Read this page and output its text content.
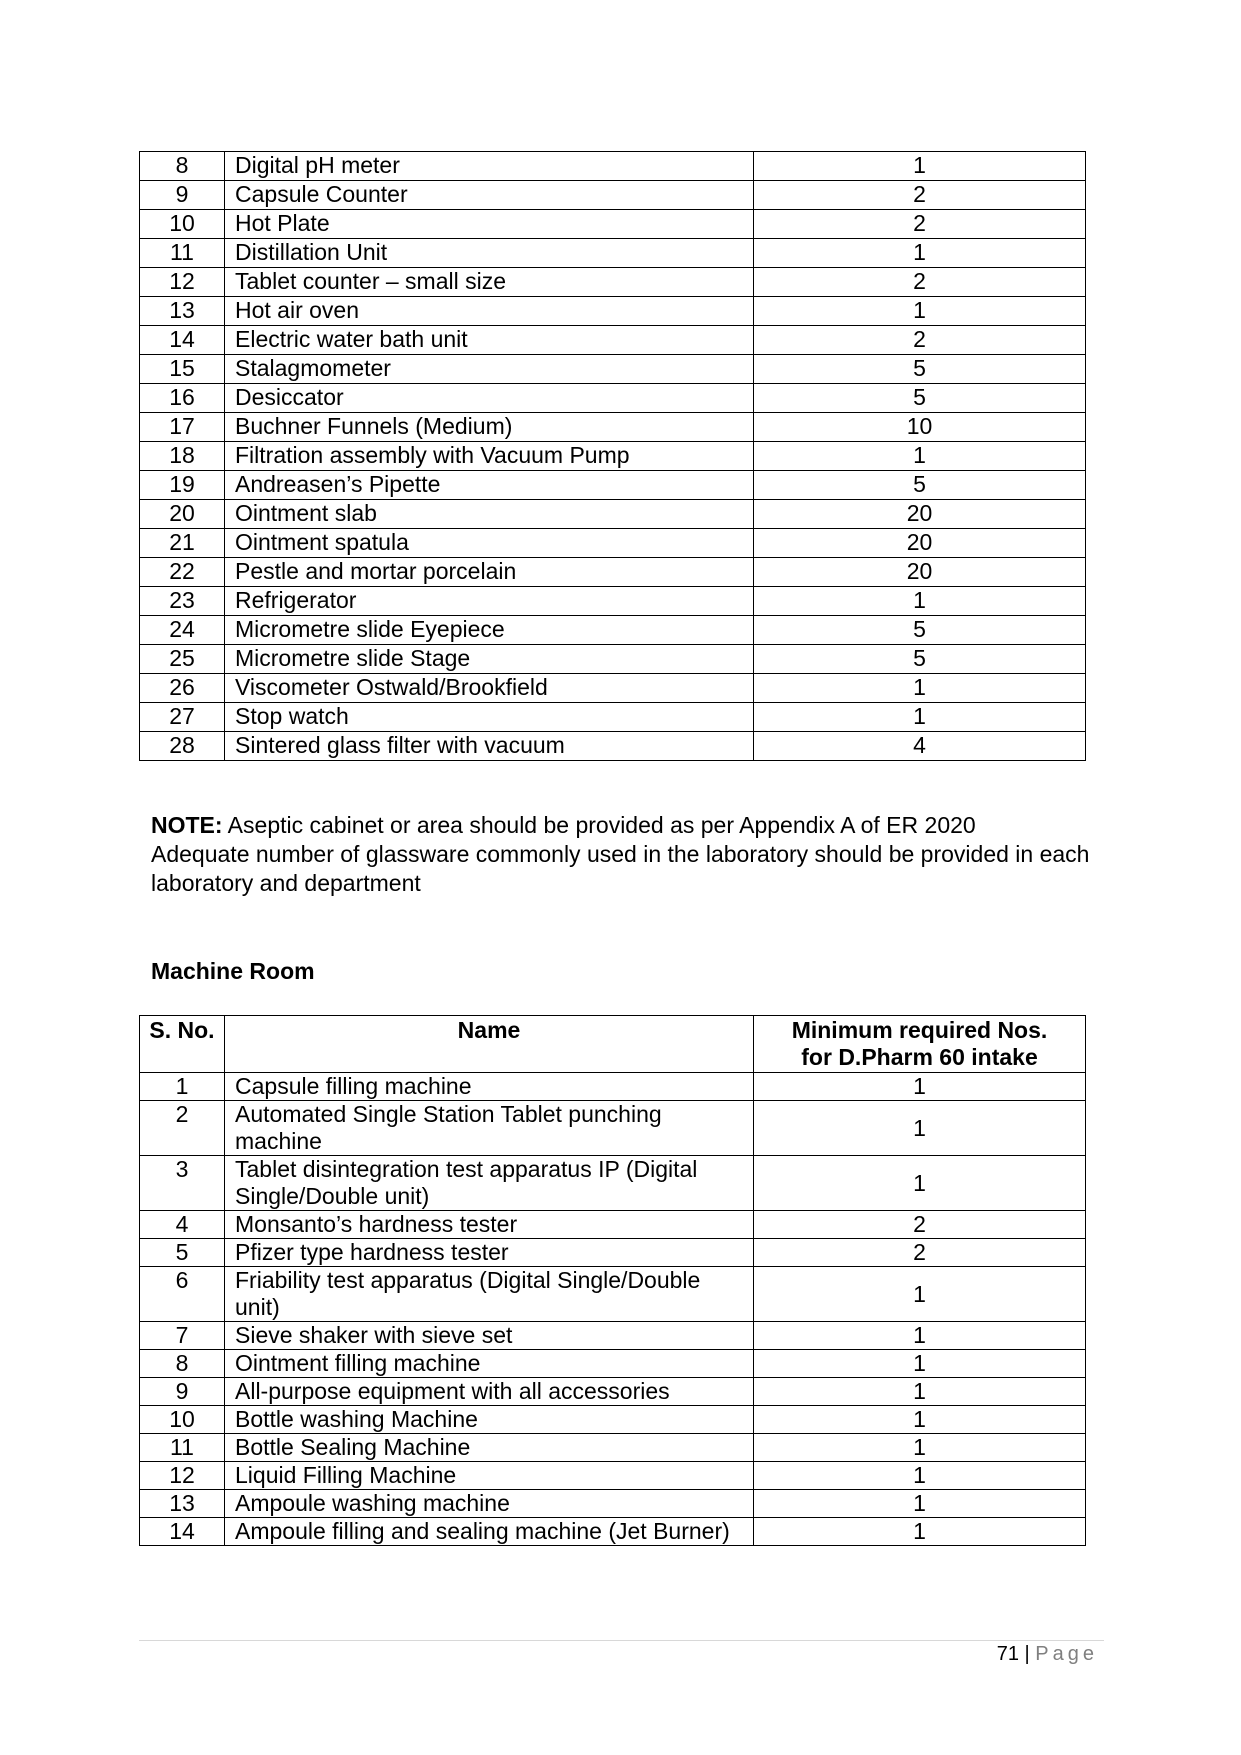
8	Digital pH meter	1
9	Capsule Counter	2
10	Hot Plate	2
11	Distillation Unit	1
12	Tablet counter – small size	2
13	Hot air oven	1
14	Electric water bath unit	2
15	Stalagmometer	5
16	Desiccator	5
17	Buchner Funnels (Medium)	10
18	Filtration assembly with Vacuum Pump	1
19	Andreasen’s Pipette	5
20	Ointment slab	20
21	Ointment spatula	20
22	Pestle and mortar porcelain	20
23	Refrigerator	1
24	Micrometre slide Eyepiece	5
25	Micrometre slide Stage	5
26	Viscometer Ostwald/Brookfield	1
27	Stop watch	1
28	Sintered glass filter with vacuum	4
NOTE: Aseptic cabinet or area should be provided as per Appendix A of ER 2020
Adequate number of glassware commonly used in the laboratory should be provided in each laboratory and department
Machine Room
S. No.	Name	Minimum required Nos.
for D.Pharm 60 intake
1	Capsule filling machine	1
2	Automated Single Station Tablet punching machine	1
3	Tablet disintegration test apparatus IP (Digital Single/Double unit)	1
4	Monsanto’s hardness tester	2
5	Pfizer type hardness tester	2
6	Friability test apparatus (Digital Single/Double unit)	1
7	Sieve shaker with sieve set	1
8	Ointment filling machine	1
9	All-purpose equipment with all accessories	1
10	Bottle washing Machine	1
11	Bottle Sealing Machine	1
12	Liquid Filling Machine	1
13	Ampoule washing machine	1
14	Ampoule filling and sealing machine (Jet Burner)	1
71 | Page
